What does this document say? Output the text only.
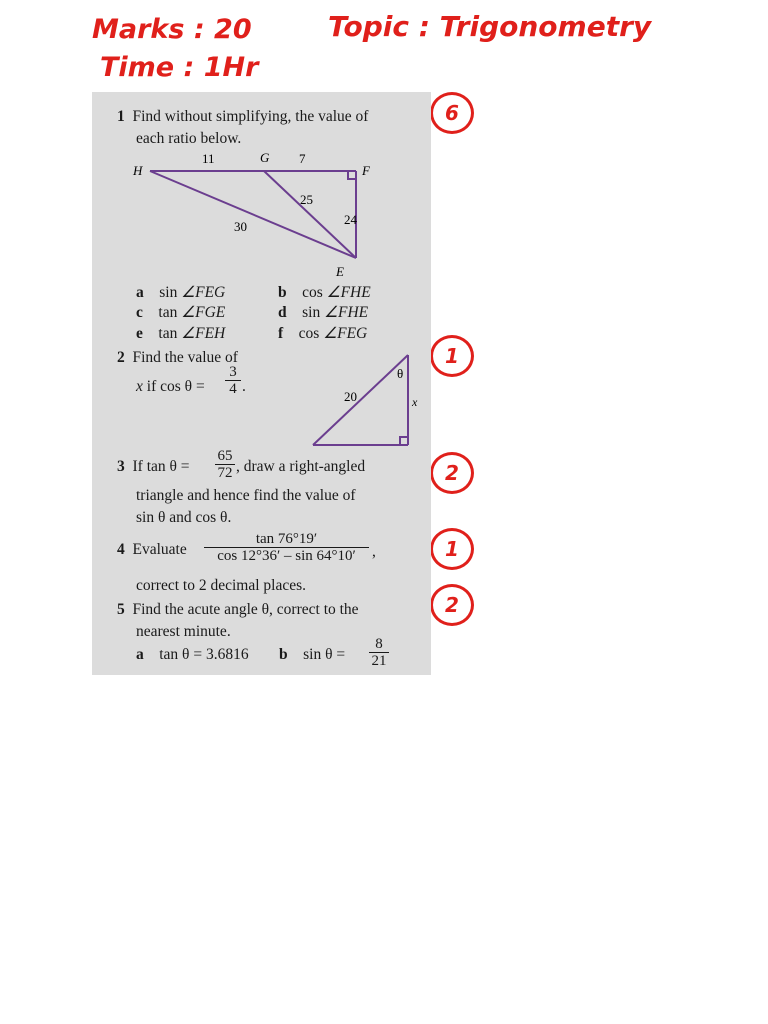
Marks : 20
Time : 1Hr
Topic : Trigonometry
6
1
2
1
2
1 Find without simplifying, the value of
each ratio below.
H
G
F
E
11	7
25
24
30
a sin ∠FEG	b cos ∠FHE
c tan ∠FGE	d sin ∠FHE
e tan ∠FEH	f cos ∠FEG
2 Find the value of
x if $\cos \theta = \frac{3}{4}$ .
θ
20	x
3 If $\tan \theta = \frac{65}{72}$ , draw a right-angled
triangle and hence find the value of
sin θ and cos θ.
4 Evaluate $\frac{\tan 76^\circ 19'}{\cos 12^\circ 36' - \sin 64^\circ 10'}$ ,
correct to 2 decimal places.
5 Find the acute angle θ, correct to the
nearest minute.
a tan θ = 3.6816 b $\sin \theta = \frac{8}{21}$
